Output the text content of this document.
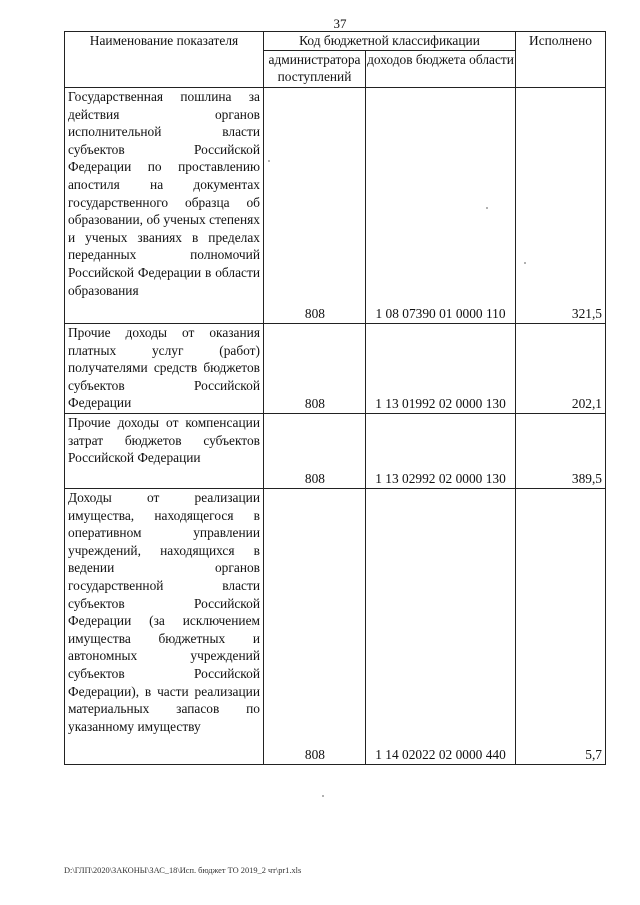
37
Наименование показателя	Код бюджетной классификации		Исполнено
	администратора поступлений	доходов бюджета области	
Государственная пошлина за действия органов исполнительной власти субъектов Российской Федерации по проставлению апостиля на документах государственного образца об образовании, об ученых степенях и ученых званиях в пределах переданных полномочий Российской Федерации в области образования	808	1 08 07390 01 0000 110	321,5
Прочие доходы от оказания платных услуг (работ) получателями средств бюджетов субъектов Российской Федерации	808	1 13 01992 02 0000 130	202,1
Прочие доходы от компенсации затрат бюджетов субъектов Российской Федерации	808	1 13 02992 02 0000 130	389,5
Доходы от реализации имущества, находящегося в оперативном управлении учреждений, находящихся в ведении органов государственной власти субъектов Российской Федерации (за исключением имущества бюджетных и автономных учреждений субъектов Российской Федерации), в части реализации материальных запасов по указанному имуществу	808	1 14 02022 02 0000 440	5,7
D:\ГЛП\2020\ЗАКОНЫ\ЗАС_18\Исп. бюджет ТО 2019_2 чт\pr1.xls
